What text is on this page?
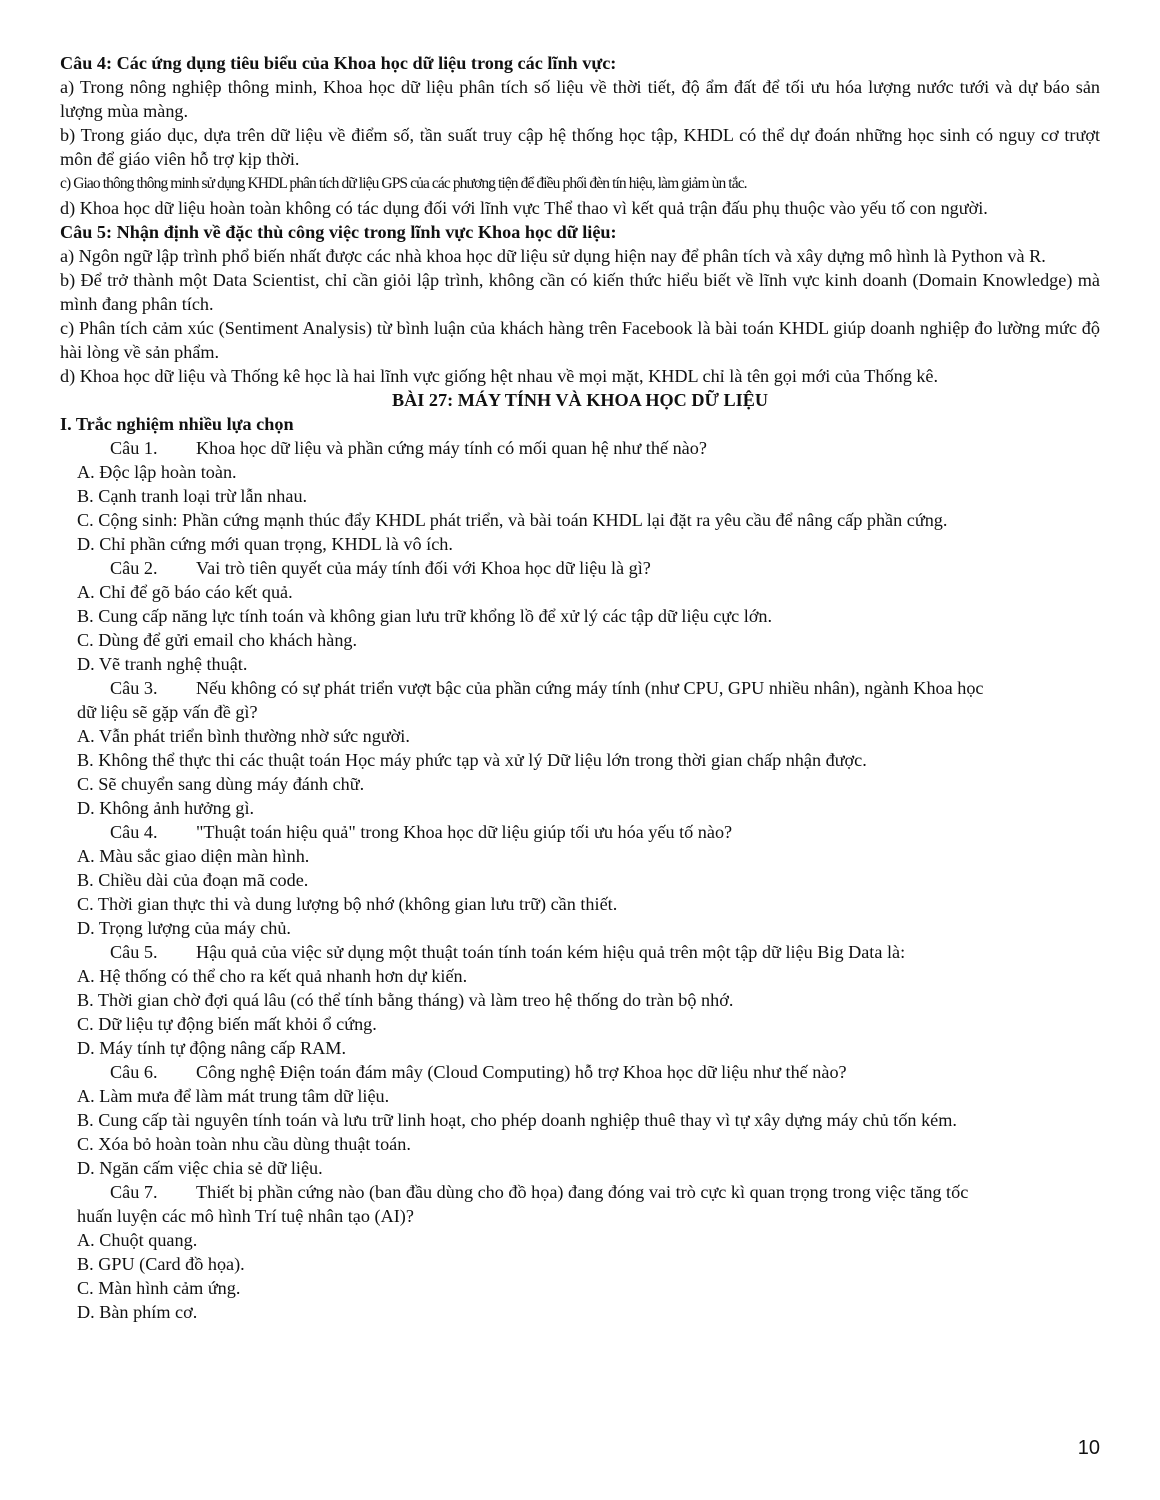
Câu 4: Các ứng dụng tiêu biểu của Khoa học dữ liệu trong các lĩnh vực:

a) Trong nông nghiệp thông minh, Khoa học dữ liệu phân tích số liệu về thời tiết, độ ẩm đất để tối ưu hóa lượng nước tưới và dự báo sản lượng mùa màng.

b) Trong giáo dục, dựa trên dữ liệu về điểm số, tần suất truy cập hệ thống học tập, KHDL có thể dự đoán những học sinh có nguy cơ trượt môn để giáo viên hỗ trợ kịp thời.

c) Giao thông thông minh sử dụng KHDL phân tích dữ liệu GPS của các phương tiện để điều phối đèn tín hiệu, làm giảm ùn tắc.

d) Khoa học dữ liệu hoàn toàn không có tác dụng đối với lĩnh vực Thể thao vì kết quả trận đấu phụ thuộc vào yếu tố con người.

Câu 5: Nhận định về đặc thù công việc trong lĩnh vực Khoa học dữ liệu:

a) Ngôn ngữ lập trình phổ biến nhất được các nhà khoa học dữ liệu sử dụng hiện nay để phân tích và xây dựng mô hình là Python và R.

b) Để trở thành một Data Scientist, chỉ cần giỏi lập trình, không cần có kiến thức hiểu biết về lĩnh vực kinh doanh (Domain Knowledge) mà mình đang phân tích.

c) Phân tích cảm xúc (Sentiment Analysis) từ bình luận của khách hàng trên Facebook là bài toán KHDL giúp doanh nghiệp đo lường mức độ hài lòng về sản phẩm.

d) Khoa học dữ liệu và Thống kê học là hai lĩnh vực giống hệt nhau về mọi mặt, KHDL chỉ là tên gọi mới của Thống kê.

BÀI 27: MÁY TÍNH VÀ KHOA HỌC DỮ LIỆU

I. Trắc nghiệm nhiều lựa chọn

Câu 1. Khoa học dữ liệu và phần cứng máy tính có mối quan hệ như thế nào?
A. Độc lập hoàn toàn.
B. Cạnh tranh loại trừ lẫn nhau.
C. Cộng sinh: Phần cứng mạnh thúc đẩy KHDL phát triển, và bài toán KHDL lại đặt ra yêu cầu để nâng cấp phần cứng.
D. Chỉ phần cứng mới quan trọng, KHDL là vô ích.
Câu 2. Vai trò tiên quyết của máy tính đối với Khoa học dữ liệu là gì?
A. Chỉ để gõ báo cáo kết quả.
B. Cung cấp năng lực tính toán và không gian lưu trữ khổng lồ để xử lý các tập dữ liệu cực lớn.
C. Dùng để gửi email cho khách hàng.
D. Vẽ tranh nghệ thuật.
Câu 3. Nếu không có sự phát triển vượt bậc của phần cứng máy tính (như CPU, GPU nhiều nhân), ngành Khoa học
dữ liệu sẽ gặp vấn đề gì?
A. Vẫn phát triển bình thường nhờ sức người.
B. Không thể thực thi các thuật toán Học máy phức tạp và xử lý Dữ liệu lớn trong thời gian chấp nhận được.
C. Sẽ chuyển sang dùng máy đánh chữ.
D. Không ảnh hưởng gì.
Câu 4. "Thuật toán hiệu quả" trong Khoa học dữ liệu giúp tối ưu hóa yếu tố nào?
A. Màu sắc giao diện màn hình.
B. Chiều dài của đoạn mã code.
C. Thời gian thực thi và dung lượng bộ nhớ (không gian lưu trữ) cần thiết.
D. Trọng lượng của máy chủ.
Câu 5. Hậu quả của việc sử dụng một thuật toán tính toán kém hiệu quả trên một tập dữ liệu Big Data là:
A. Hệ thống có thể cho ra kết quả nhanh hơn dự kiến.
B. Thời gian chờ đợi quá lâu (có thể tính bằng tháng) và làm treo hệ thống do tràn bộ nhớ.
C. Dữ liệu tự động biến mất khỏi ổ cứng.
D. Máy tính tự động nâng cấp RAM.
Câu 6. Công nghệ Điện toán đám mây (Cloud Computing) hỗ trợ Khoa học dữ liệu như thế nào?
A. Làm mưa để làm mát trung tâm dữ liệu.
B. Cung cấp tài nguyên tính toán và lưu trữ linh hoạt, cho phép doanh nghiệp thuê thay vì tự xây dựng máy chủ tốn kém.
C. Xóa bỏ hoàn toàn nhu cầu dùng thuật toán.
D. Ngăn cấm việc chia sẻ dữ liệu.
Câu 7. Thiết bị phần cứng nào (ban đầu dùng cho đồ họa) đang đóng vai trò cực kì quan trọng trong việc tăng tốc
huấn luyện các mô hình Trí tuệ nhân tạo (AI)?
A. Chuột quang.
B. GPU (Card đồ họa).
C. Màn hình cảm ứng.
D. Bàn phím cơ.
10
